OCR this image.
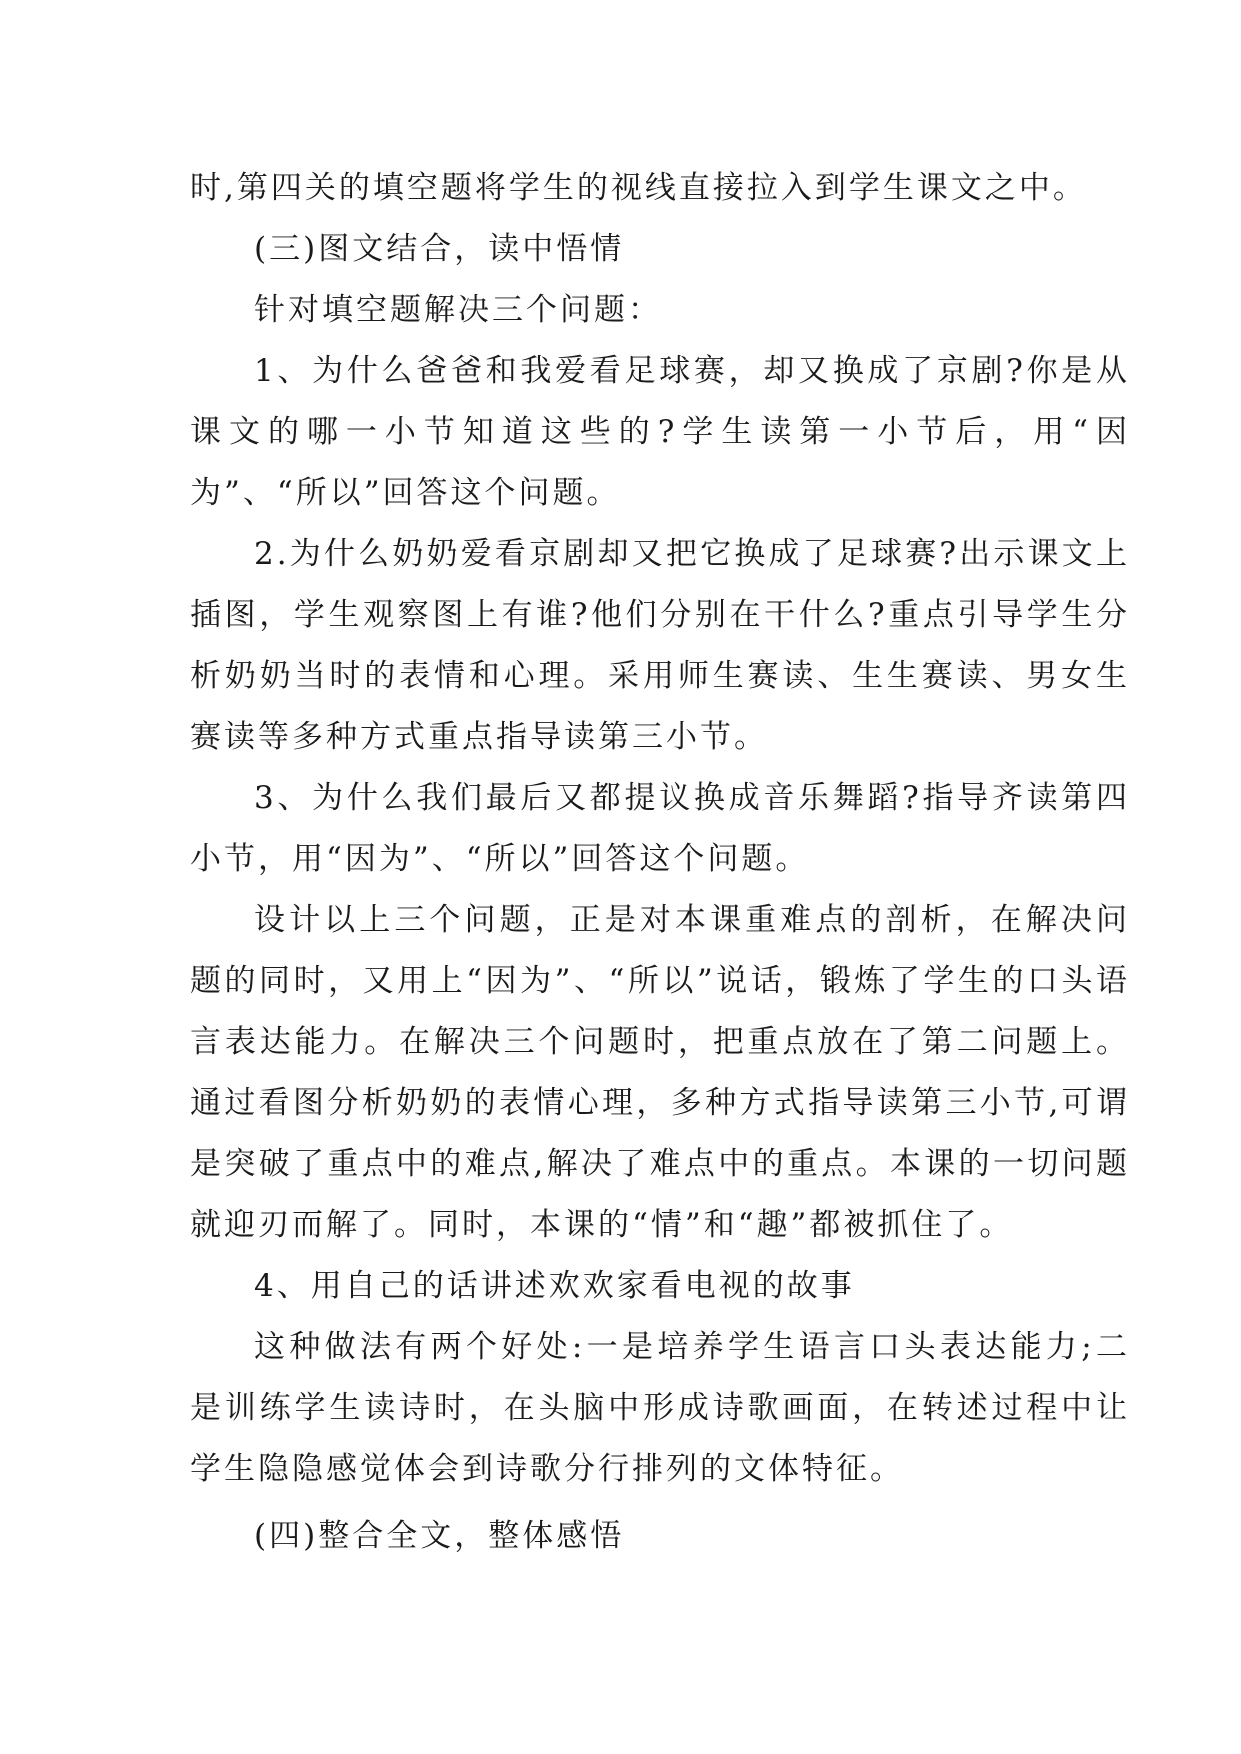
时,第四关的填空题将学生的视线直接拉入到学生课文之中。

(三)图文结合，读中悟情

针对填空题解决三个问题：

1、为什么爸爸和我爱看足球赛，却又换成了京剧?你是从课文的哪一小节知道这些的?学生读第一小节后，用“因为”、“所以”回答这个问题。

2.为什么奶奶爱看京剧却又把它换成了足球赛?出示课文上插图，学生观察图上有谁?他们分别在干什么?重点引导学生分析奶奶当时的表情和心理。采用师生赛读、生生赛读、男女生赛读等多种方式重点指导读第三小节。

3、为什么我们最后又都提议换成音乐舞蹈?指导齐读第四小节，用“因为”、“所以”回答这个问题。

设计以上三个问题，正是对本课重难点的剖析，在解决问题的同时，又用上“因为”、“所以”说话，锻炼了学生的口头语言表达能力。在解决三个问题时，把重点放在了第二问题上。通过看图分析奶奶的表情心理，多种方式指导读第三小节,可谓是突破了重点中的难点,解决了难点中的重点。本课的一切问题就迎刃而解了。同时，本课的“情”和“趣”都被抓住了。

4、用自己的话讲述欢欢家看电视的故事

这种做法有两个好处:一是培养学生语言口头表达能力;二是训练学生读诗时，在头脑中形成诗歌画面，在转述过程中让学生隐隐感觉体会到诗歌分行排列的文体特征。

(四)整合全文，整体感悟
